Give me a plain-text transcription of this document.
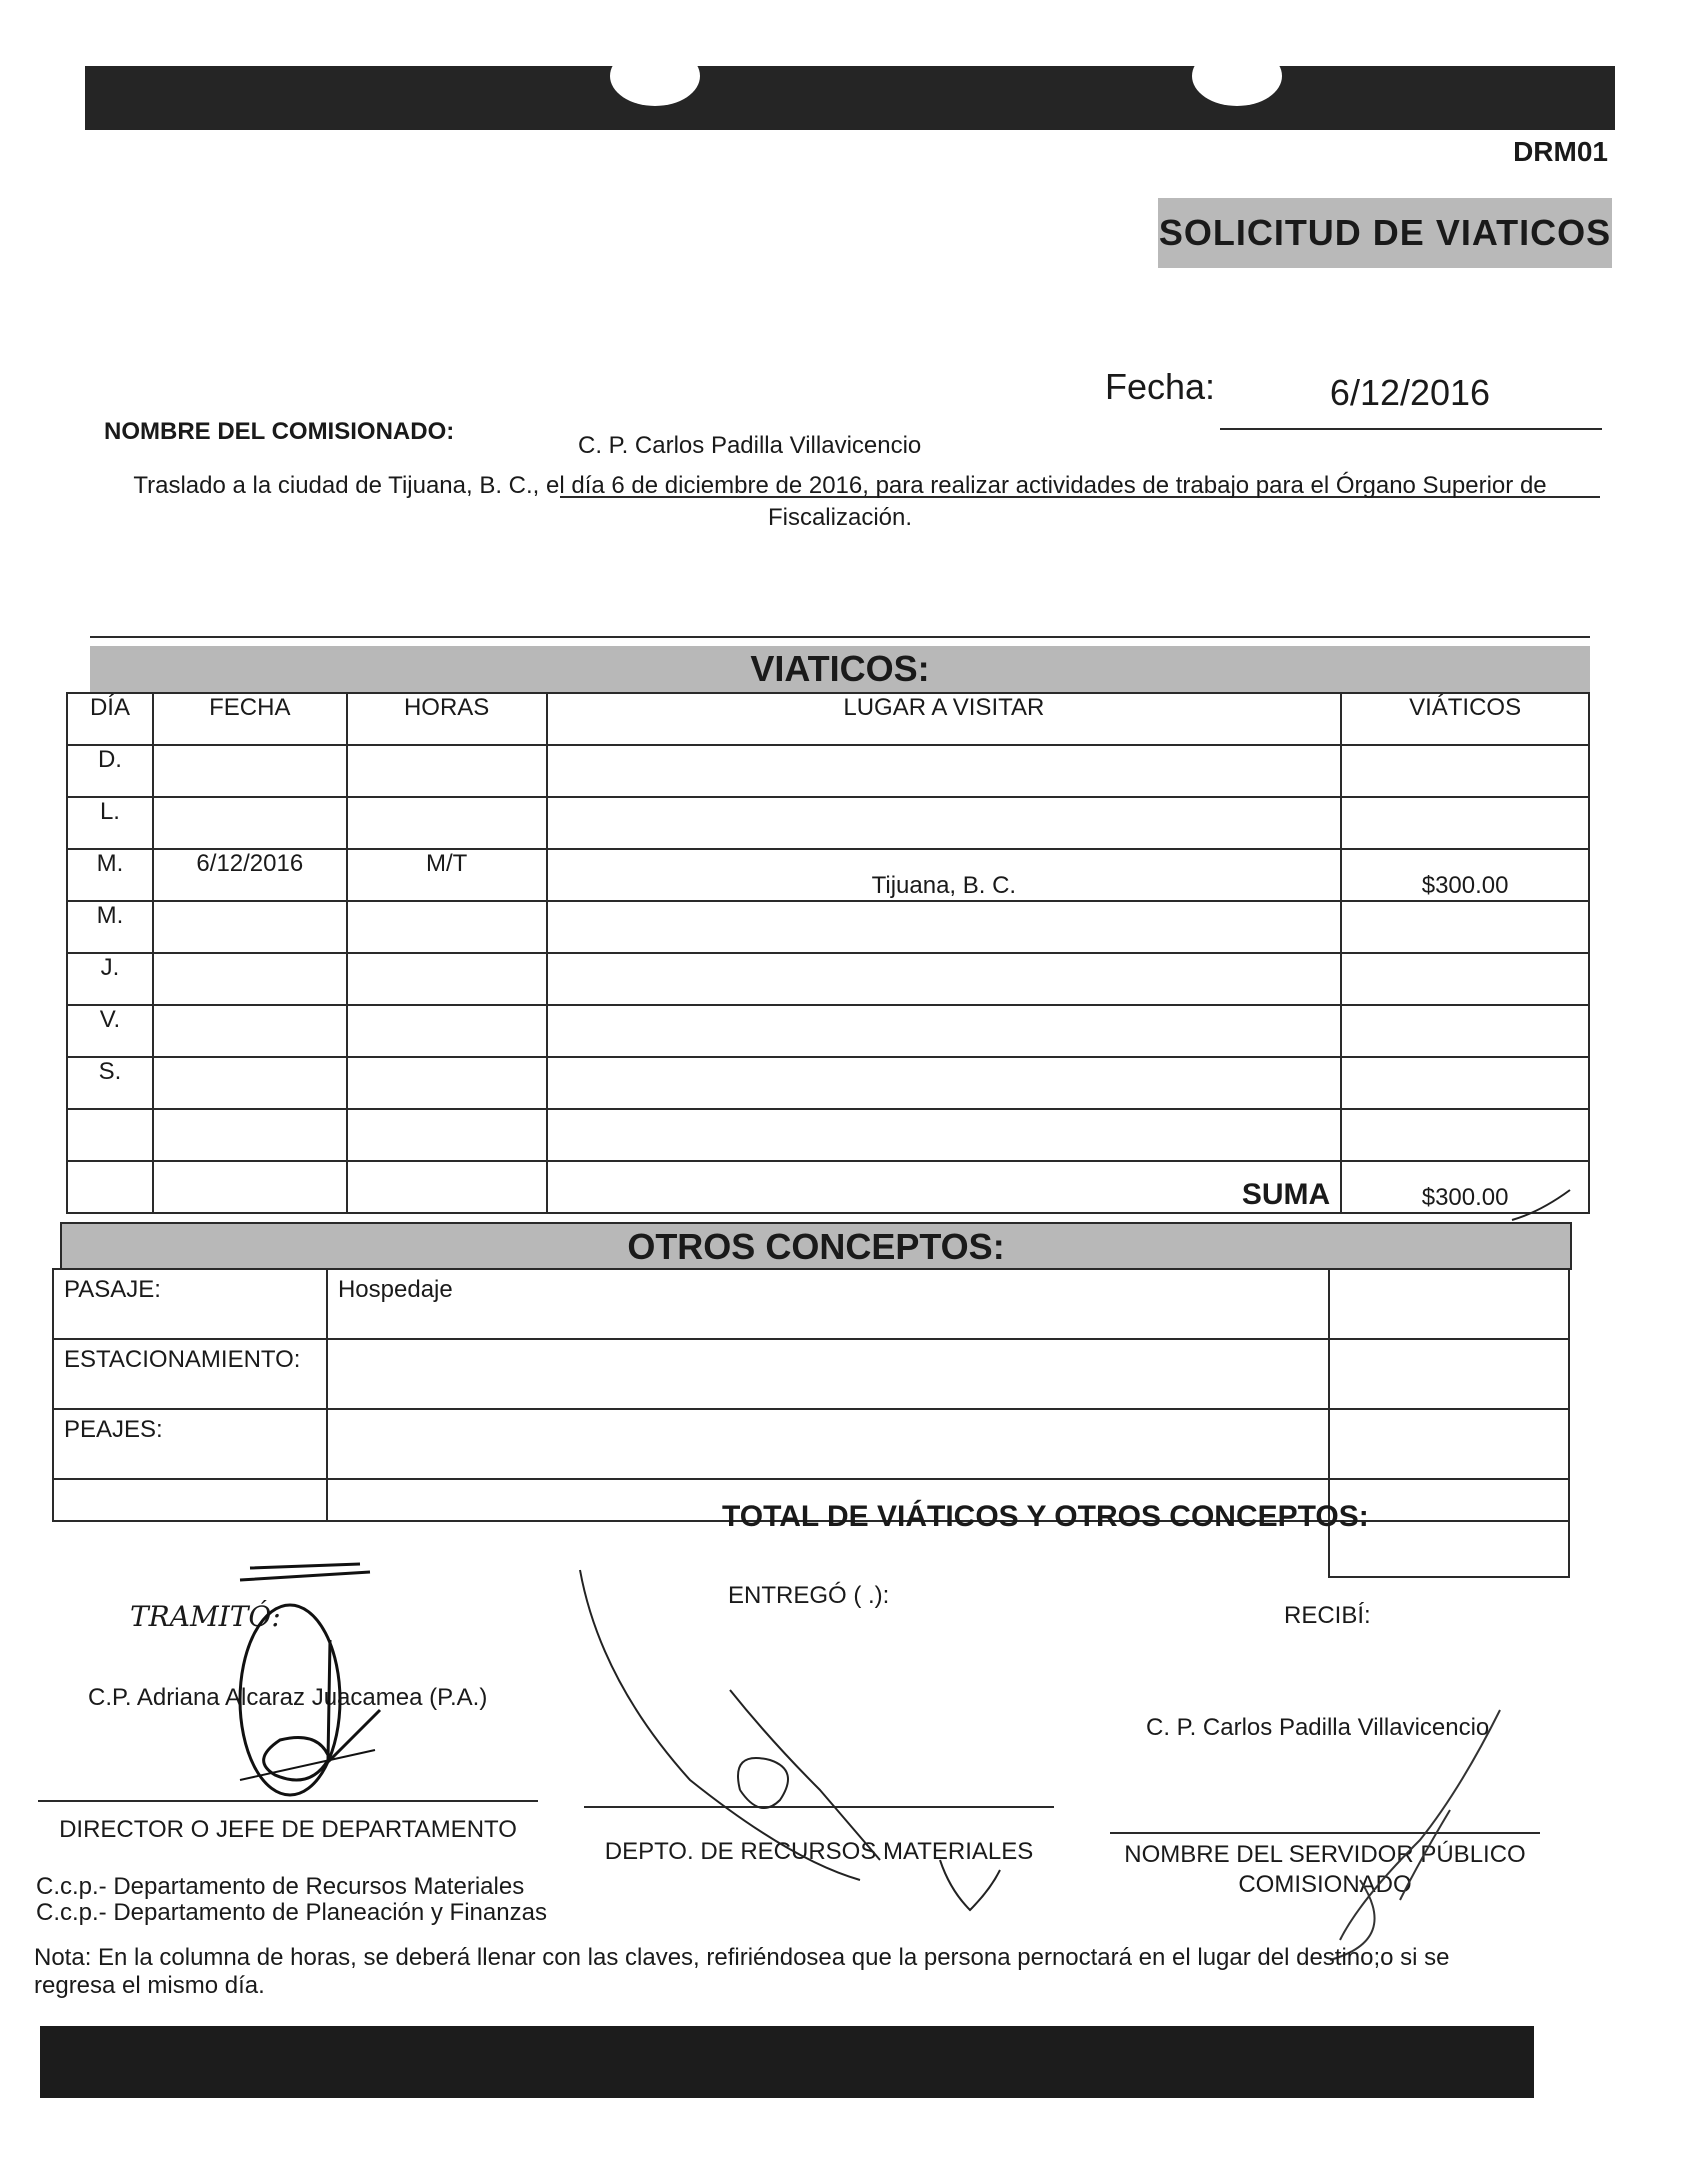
DRM01
SOLICITUD DE VIATICOS
Fecha:	6/12/2016
NOMBRE DEL COMISIONADO:
C. P. Carlos Padilla Villavicencio
Traslado a la ciudad de Tijuana, B. C., el día 6 de diciembre de 2016, para realizar actividades de trabajo para el Órgano Superior de Fiscalización.
VIATICOS:
DÍA	FECHA	HORAS	LUGAR A VISITAR	VIÁTICOS
D.				
L.				
M.	6/12/2016	M/T	Tijuana, B. C.	$300.00
M.				
J.				
V.				
S.				

			SUMA	$300.00
OTROS CONCEPTOS:
PASAJE:	Hospedaje	
ESTACIONAMIENTO:		
PEAJES:		

TOTAL DE VIÁTICOS Y OTROS CONCEPTOS:
TRAMITÓ:
ENTREGÓ ( .):
RECIBÍ:
C.P. Adriana Alcaraz Juacamea (P.A.)
C. P. Carlos Padilla Villavicencio
DIRECTOR O JEFE DE DEPARTAMENTO
DEPTO. DE RECURSOS MATERIALES	NOMBRE DEL SERVIDOR PÚBLICO
COMISIONADO
C.c.p.- Departamento de Recursos Materiales
C.c.p.- Departamento de Planeación y Finanzas
Nota: En la columna de horas, se deberá llenar con las claves, refiriéndosea que la persona pernoctará en el lugar del destino;o si se regresa el mismo día.
